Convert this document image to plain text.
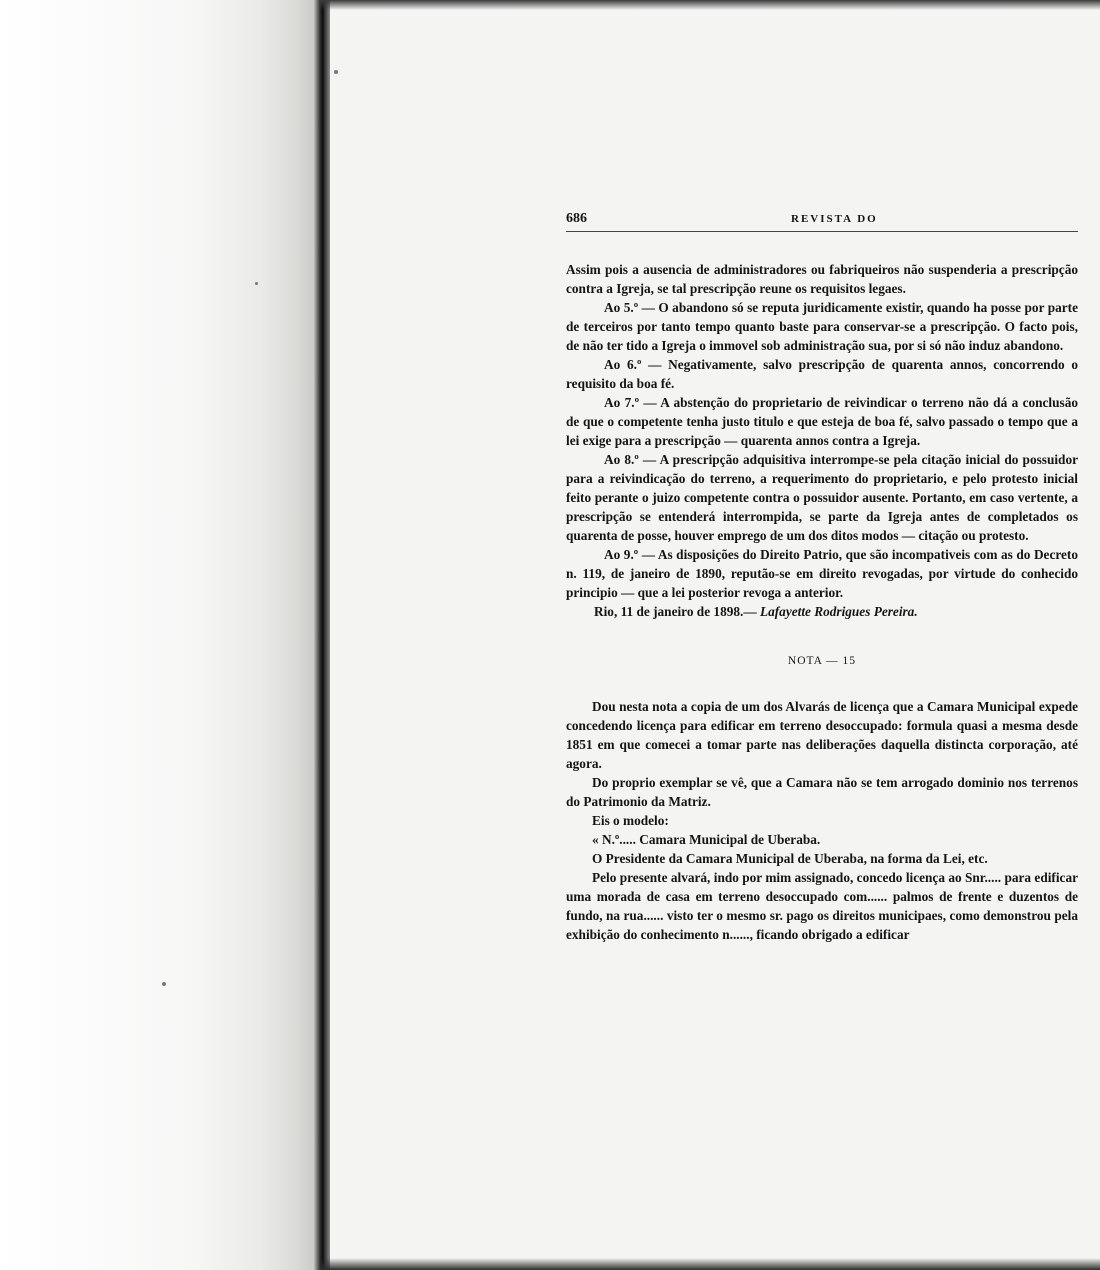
686	REVISTA DO

Assim pois a ausencia de administradores ou fabriqueiros não suspenderia a prescripção contra a Igreja, se tal prescripção reune os requisitos legaes.

Ao 5.º — O abandono só se reputa juridicamente existir, quando ha posse por parte de terceiros por tanto tempo quanto baste para conservar-se a prescripção. O facto pois, de não ter tido a Igreja o immovel sob administração sua, por si só não induz abandono.

Ao 6.º — Negativamente, salvo prescripção de quarenta annos, concorrendo o requisito da boa fé.

Ao 7.º — A abstenção do proprietario de reivindicar o terreno não dá a conclusão de que o competente tenha justo titulo e que esteja de boa fé, salvo passado o tempo que a lei exige para a prescripção — quarenta annos contra a Igreja.

Ao 8.º — A prescripção adquisitiva interrompe-se pela citação inicial do possuidor para a reivindicação do terreno, a requerimento do proprietario, e pelo protesto inicial feito perante o juizo competente contra o possuidor ausente. Portanto, em caso vertente, a prescripção se entenderá interrompida, se parte da Igreja antes de completados os quarenta de posse, houver emprego de um dos ditos modos — citação ou protesto.

Ao 9.º — As disposições do Direito Patrio, que são incompativeis com as do Decreto n. 119, de janeiro de 1890, reputão-se em direito revogadas, por virtude do conhecido principio — que a lei posterior revoga a anterior.

Rio, 11 de janeiro de 1898.— Lafayette Rodrigues Pereira.

NOTA — 15

Dou nesta nota a copia de um dos Alvarás de licença que a Camara Municipal expede concedendo licença para edificar em terreno desoccupado: formula quasi a mesma desde 1851 em que comecei a tomar parte nas deliberações daquella distincta corporação, até agora.

Do proprio exemplar se vê, que a Camara não se tem arrogado dominio nos terrenos do Patrimonio da Matriz.

Eis o modelo:

« N.º..... Camara Municipal de Uberaba.

O Presidente da Camara Municipal de Uberaba, na forma da Lei, etc.

Pelo presente alvará, indo por mim assignado, concedo licença ao Snr..... para edificar uma morada de casa em terreno desoccupado com...... palmos de frente e duzentos de fundo, na rua...... visto ter o mesmo sr. pago os direitos municipaes, como demonstrou pela exhibição do conhecimento n......, ficando obrigado a edificar
